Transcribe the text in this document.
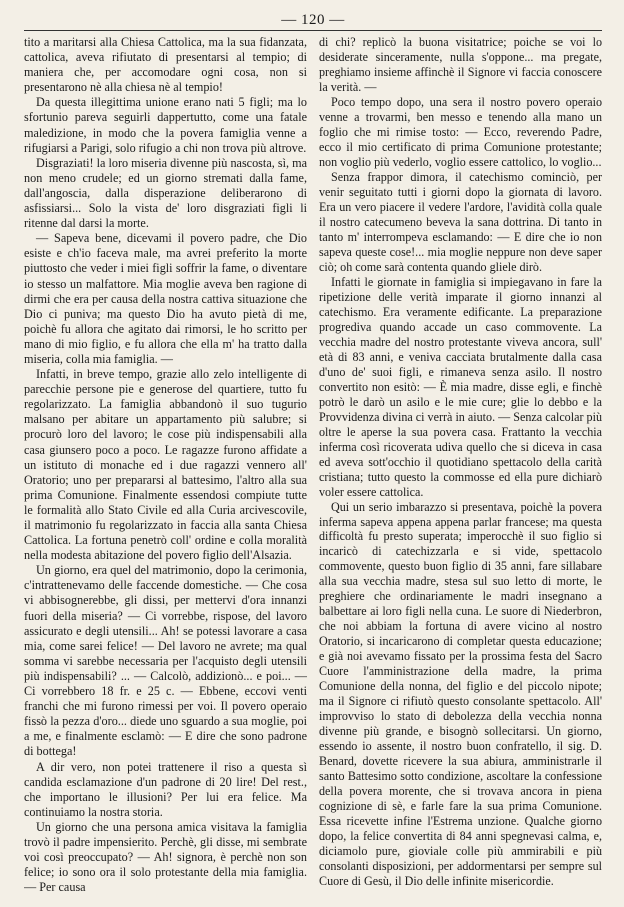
— 120 —

tito a maritarsi alla Chiesa Cattolica, ma la sua fidanzata, cattolica, aveva rifiutato di presentarsi al tempio; di maniera che, per accomodare ogni cosa, non si presentarono nè alla chiesa nè al tempio!

Da questa illegittima unione erano nati 5 figli; ma lo sfortunio pareva seguirli dappertutto, come una fatale maledizione, in modo che la povera famiglia venne a rifugiarsi a Parigi, solo rifugio a chi non trova più altrove.

Disgraziati! la loro miseria divenne più nascosta, sì, ma non meno crudele; ed un giorno stremati dalla fame, dall'angoscia, dalla disperazione deliberarono di asfissiarsi... Solo la vista de' loro disgraziati figli li ritenne dal darsi la morte.

— Sapeva bene, dicevami il povero padre, che Dio esiste e ch'io faceva male, ma avrei preferito la morte piuttosto che veder i miei figli soffrir la fame, o diventare io stesso un malfattore. Mia moglie aveva ben ragione di dirmi che era per causa della nostra cattiva situazione che Dio ci puniva; ma questo Dio ha avuto pietà di me, poichè fu allora che agitato dai rimorsi, le ho scritto per mano di mio figlio, e fu allora che ella m' ha tratto dalla miseria, colla mia famiglia. —

Infatti, in breve tempo, grazie allo zelo intelligente di parecchie persone pie e generose del quartiere, tutto fu regolarizzato. La famiglia abbandonò il suo tugurio malsano per abitare un appartamento più salubre; si procurò loro del lavoro; le cose più indispensabili alla casa giunsero poco a poco. Le ragazze furono affidate a un istituto di monache ed i due ragazzi vennero all' Oratorio; uno per prepararsi al battesimo, l'altro alla sua prima Comunione. Finalmente essendosi compiute tutte le formalità allo Stato Civile ed alla Curia arcivescovile, il matrimonio fu regolarizzato in faccia alla santa Chiesa Cattolica. La fortuna penetrò coll' ordine e colla moralità nella modesta abitazione del povero figlio dell'Alsazia.

Un giorno, era quel del matrimonio, dopo la cerimonia, c'intrattenevamo delle faccende domestiche. — Che cosa vi abbisognerebbe, gli dissi, per mettervi d'ora innanzi fuori della miseria? — Ci vorrebbe, rispose, del lavoro assicurato e degli utensili... Ah! se potessi lavorare a casa mia, come sarei felice! — Del lavoro ne avrete; ma qual somma vi sarebbe necessaria per l'acquisto degli utensili più indispensabili? ... — Calcolò, addizionò... e poi... — Ci vorrebbero 18 fr. e 25 c. — Ebbene, eccovi venti franchi che mi furono rimessi per voi. Il povero operaio fissò la pezza d'oro... diede uno sguardo a sua moglie, poi a me, e finalmente esclamò: — E dire che sono padrone di bottega!

A dir vero, non potei trattenere il riso a questa sì candida esclamazione d'un padrone di 20 lire! Del rest., che importano le illusioni? Per lui era felice. Ma continuiamo la nostra storia.

Un giorno che una persona amica visitava la famiglia trovò il padre impensierito. Perchè, gli disse, mi sembrate voi così preoccupato? — Ah! signora, è perchè non son felice; io sono ora il solo protestante della mia famiglia. — Per causa

di chi? replicò la buona visitatrice; poiche se voi lo desiderate sinceramente, nulla s'oppone... ma pregate, preghiamo insieme affinchè il Signore vi faccia conoscere la verità. —

Poco tempo dopo, una sera il nostro povero operaio venne a trovarmi, ben messo e tenendo alla mano un foglio che mi rimise tosto: — Ecco, reverendo Padre, ecco il mio certificato di prima Comunione protestante; non voglio più vederlo, voglio essere cattolico, lo voglio...

Senza frappor dimora, il catechismo cominciò, per venir seguitato tutti i giorni dopo la giornata di lavoro. Era un vero piacere il vedere l'ardore, l'avidità colla quale il nostro catecumeno beveva la sana dottrina. Di tanto in tanto m' interrompeva esclamando: — E dire che io non sapeva queste cose!... mia moglie neppure non deve saper ciò; oh come sarà contenta quando gliele dirò.

Infatti le giornate in famiglia si impiegavano in fare la ripetizione delle verità imparate il giorno innanzi al catechismo. Era veramente edificante. La preparazione progrediva quando accade un caso commovente. La vecchia madre del nostro protestante viveva ancora, sull' età di 83 anni, e veniva cacciata brutalmente dalla casa d'uno de' suoi figli, e rimaneva senza asilo. Il nostro convertito non esitò: — È mia madre, disse egli, e finchè potrò le darò un asilo e le mie cure; glie lo debbo e la Provvidenza divina ci verrà in aiuto. — Senza calcolar più oltre le aperse la sua povera casa. Frattanto la vecchia inferma così ricoverata udiva quello che si diceva in casa ed aveva sott'occhio il quotidiano spettacolo della carità cristiana; tutto questo la commosse ed ella pure dichiarò voler essere cattolica.

Qui un serio imbarazzo si presentava, poichè la povera inferma sapeva appena appena parlar francese; ma questa difficoltà fu presto superata; imperocchè il suo figlio si incaricò di catechizzarla e si vide, spettacolo commovente, questo buon figlio di 35 anni, fare sillabare alla sua vecchia madre, stesa sul suo letto di morte, le preghiere che ordinariamente le madri insegnano a balbettare ai loro figli nella cuna. Le suore di Niederbron, che noi abbiam la fortuna di avere vicino al nostro Oratorio, si incaricarono di completar questa educazione; e già noi avevamo fissato per la prossima festa del Sacro Cuore l'amministrazione della madre, la prima Comunione della nonna, del figlio e del piccolo nipote; ma il Signore ci rifiutò questo consolante spettacolo. All' improvviso lo stato di debolezza della vecchia nonna divenne più grande, e bisognò sollecitarsi. Un giorno, essendo io assente, il nostro buon confratello, il sig. D. Benard, dovette ricevere la sua abiura, amministrarle il santo Battesimo sotto condizione, ascoltare la confessione della povera morente, che si trovava ancora in piena cognizione di sè, e farle fare la sua prima Comunione. Essa ricevette infine l'Estrema unzione. Qualche giorno dopo, la felice convertita di 84 anni spegnevasi calma, e, diciamolo pure, gioviale colle più ammirabili e più consolanti disposizioni, per addormentarsi per sempre sul Cuore di Gesù, il Dio delle infinite misericordie.
